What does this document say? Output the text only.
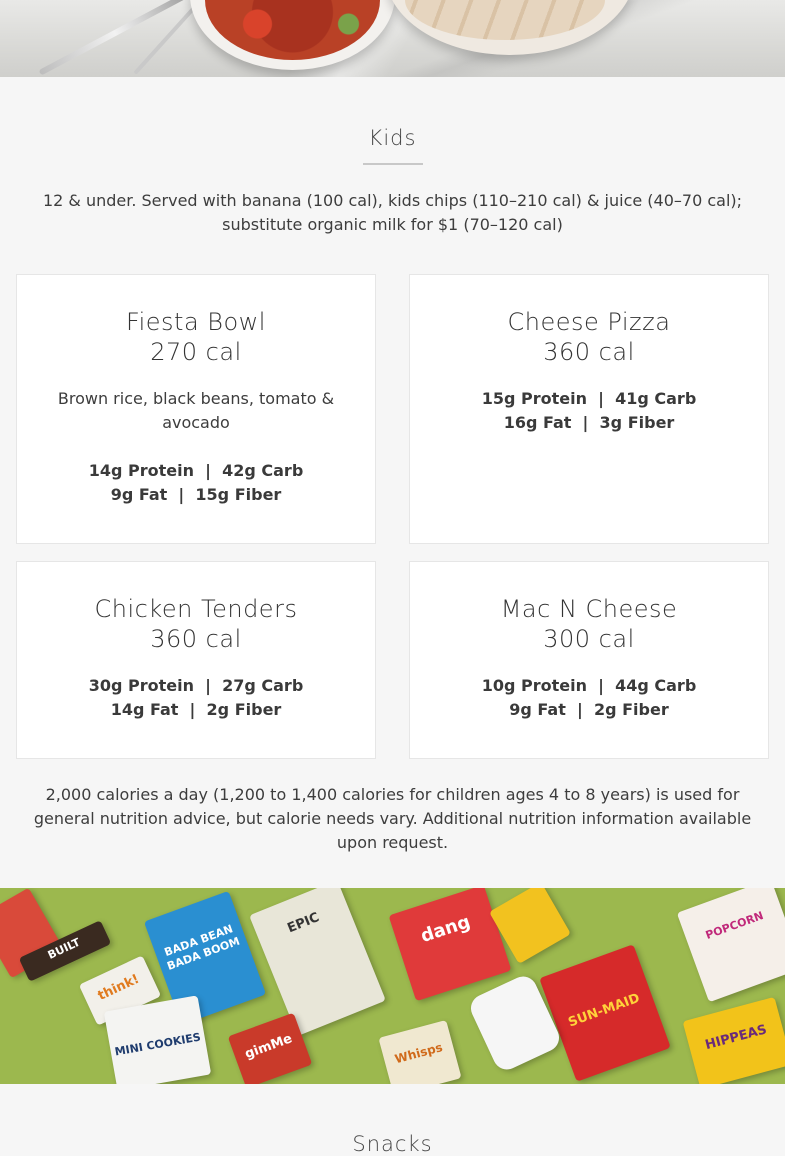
Kids
12 & under. Served with banana (100 cal), kids chips (110–210 cal) & juice (40–70 cal); substitute organic milk for $1 (70–120 cal)
Fiesta Bowl
270 cal
Brown rice, black beans, tomato & avocado
14g Protein  |  42g Carb
9g Fat  |  15g Fiber
Cheese Pizza
360 cal
15g Protein  |  41g Carb
16g Fat  |  3g Fiber
Chicken Tenders
360 cal
30g Protein  |  27g Carb
14g Fat  |  2g Fiber
Mac N Cheese
300 cal
10g Protein  |  44g Carb
9g Fat  |  2g Fiber
2,000 calories a day (1,200 to 1,400 calories for children ages 4 to 8 years) is used for general nutrition advice, but calorie needs vary. Additional nutrition information available upon request.
BUILT
think!
BADA BEAN BADA BOOM
EPIC	dang
MINI COOKIES	gimMe	Whisps
SUN-MAID
HIPPEAS
POPCORN
Snacks
